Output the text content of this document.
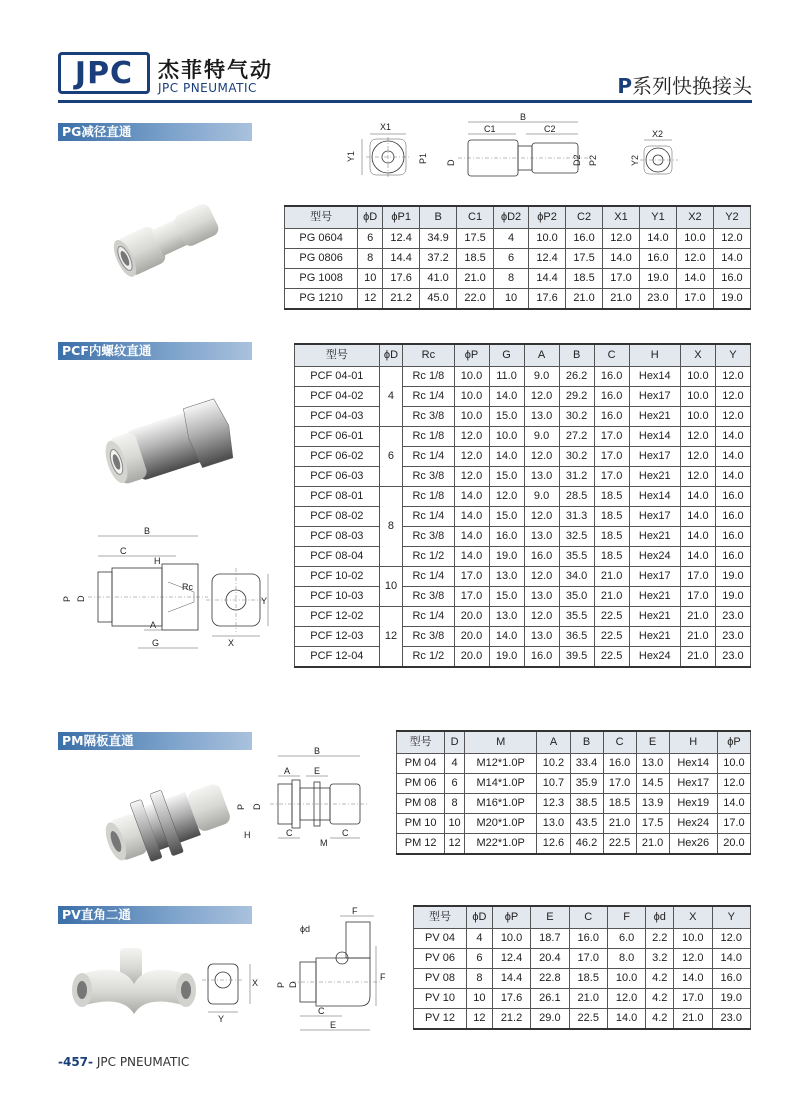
JPC 杰菲特气动
JPC PNEUMATIC	P系列快换接头
PG减径直通	X1
Y1
B
C1	C2
P1 D	D2 P2
X2
Y2
型号	ϕD	ϕP1	B	C1	ϕD2	ϕP2	C2	X1	Y1	X2	Y2
PG 0604	6	12.4	34.9	17.5	4	10.0	16.0	12.0	14.0	10.0	12.0
PG 0806	8	14.4	37.2	18.5	6	12.4	17.5	14.0	16.0	12.0	14.0
PG 1008	10	17.6	41.0	21.0	8	14.4	18.5	17.0	19.0	14.0	16.0
PG 1210	12	21.2	45.0	22.0	10	17.6	21.0	21.0	23.0	17.0	19.0
PCF内螺纹直通
B
C
H
Rc
P D
A
G
Y
X
型号	ϕD	Rc	ϕP	G	A	B	C	H	X	Y
PCF 04-01	4	Rc 1/8	10.0	11.0	9.0	26.2	16.0	Hex14	10.0	12.0
PCF 04-02		Rc 1/4	10.0	14.0	12.0	29.2	16.0	Hex17	10.0	12.0
PCF 04-03		Rc 3/8	10.0	15.0	13.0	30.2	16.0	Hex21	10.0	12.0
PCF 06-01	6	Rc 1/8	12.0	10.0	9.0	27.2	17.0	Hex14	12.0	14.0
PCF 06-02		Rc 1/4	12.0	14.0	12.0	30.2	17.0	Hex17	12.0	14.0
PCF 06-03		Rc 3/8	12.0	15.0	13.0	31.2	17.0	Hex21	12.0	14.0
PCF 08-01	8	Rc 1/8	14.0	12.0	9.0	28.5	18.5	Hex14	14.0	16.0
PCF 08-02		Rc 1/4	14.0	15.0	12.0	31.3	18.5	Hex17	14.0	16.0
PCF 08-03		Rc 3/8	14.0	16.0	13.0	32.5	18.5	Hex21	14.0	16.0
PCF 08-04		Rc 1/2	14.0	19.0	16.0	35.5	18.5	Hex24	14.0	16.0
PCF 10-02	10	Rc 1/4	17.0	13.0	12.0	34.0	21.0	Hex17	17.0	19.0
PCF 10-03		Rc 3/8	17.0	15.0	13.0	35.0	21.0	Hex21	17.0	19.0
PCF 12-02	12	Rc 1/4	20.0	13.0	12.0	35.5	22.5	Hex21	21.0	23.0
PCF 12-03		Rc 3/8	20.0	14.0	13.0	36.5	22.5	Hex21	21.0	23.0
PCF 12-04		Rc 1/2	20.0	19.0	16.0	39.5	22.5	Hex24	21.0	23.0
PM隔板直通
B
A	E
P D
H	C
M
C
型号	D	M	A	B	C	E	H	ϕP
PM 04	4	M12*1.0P	10.2	33.4	16.0	13.0	Hex14	10.0
PM 06	6	M14*1.0P	10.7	35.9	17.0	14.5	Hex17	12.0
PM 08	8	M16*1.0P	12.3	38.5	18.5	13.9	Hex19	14.0
PM 10	10	M20*1.0P	13.0	43.5	21.0	17.5	Hex24	17.0
PM 12	12	M22*1.0P	12.6	46.2	22.5	21.0	Hex26	20.0
PV直角二通
X
Y
F
ϕd
F
P D
C
E
型号	ϕD	ϕP	E	C	F	ϕd	X	Y
PV 04	4	10.0	18.7	16.0	6.0	2.2	10.0	12.0
PV 06	6	12.4	20.4	17.0	8.0	3.2	12.0	14.0
PV 08	8	14.4	22.8	18.5	10.0	4.2	14.0	16.0
PV 10	10	17.6	26.1	21.0	12.0	4.2	17.0	19.0
PV 12	12	21.2	29.0	22.5	14.0	4.2	21.0	23.0
-457- JPC PNEUMATIC
